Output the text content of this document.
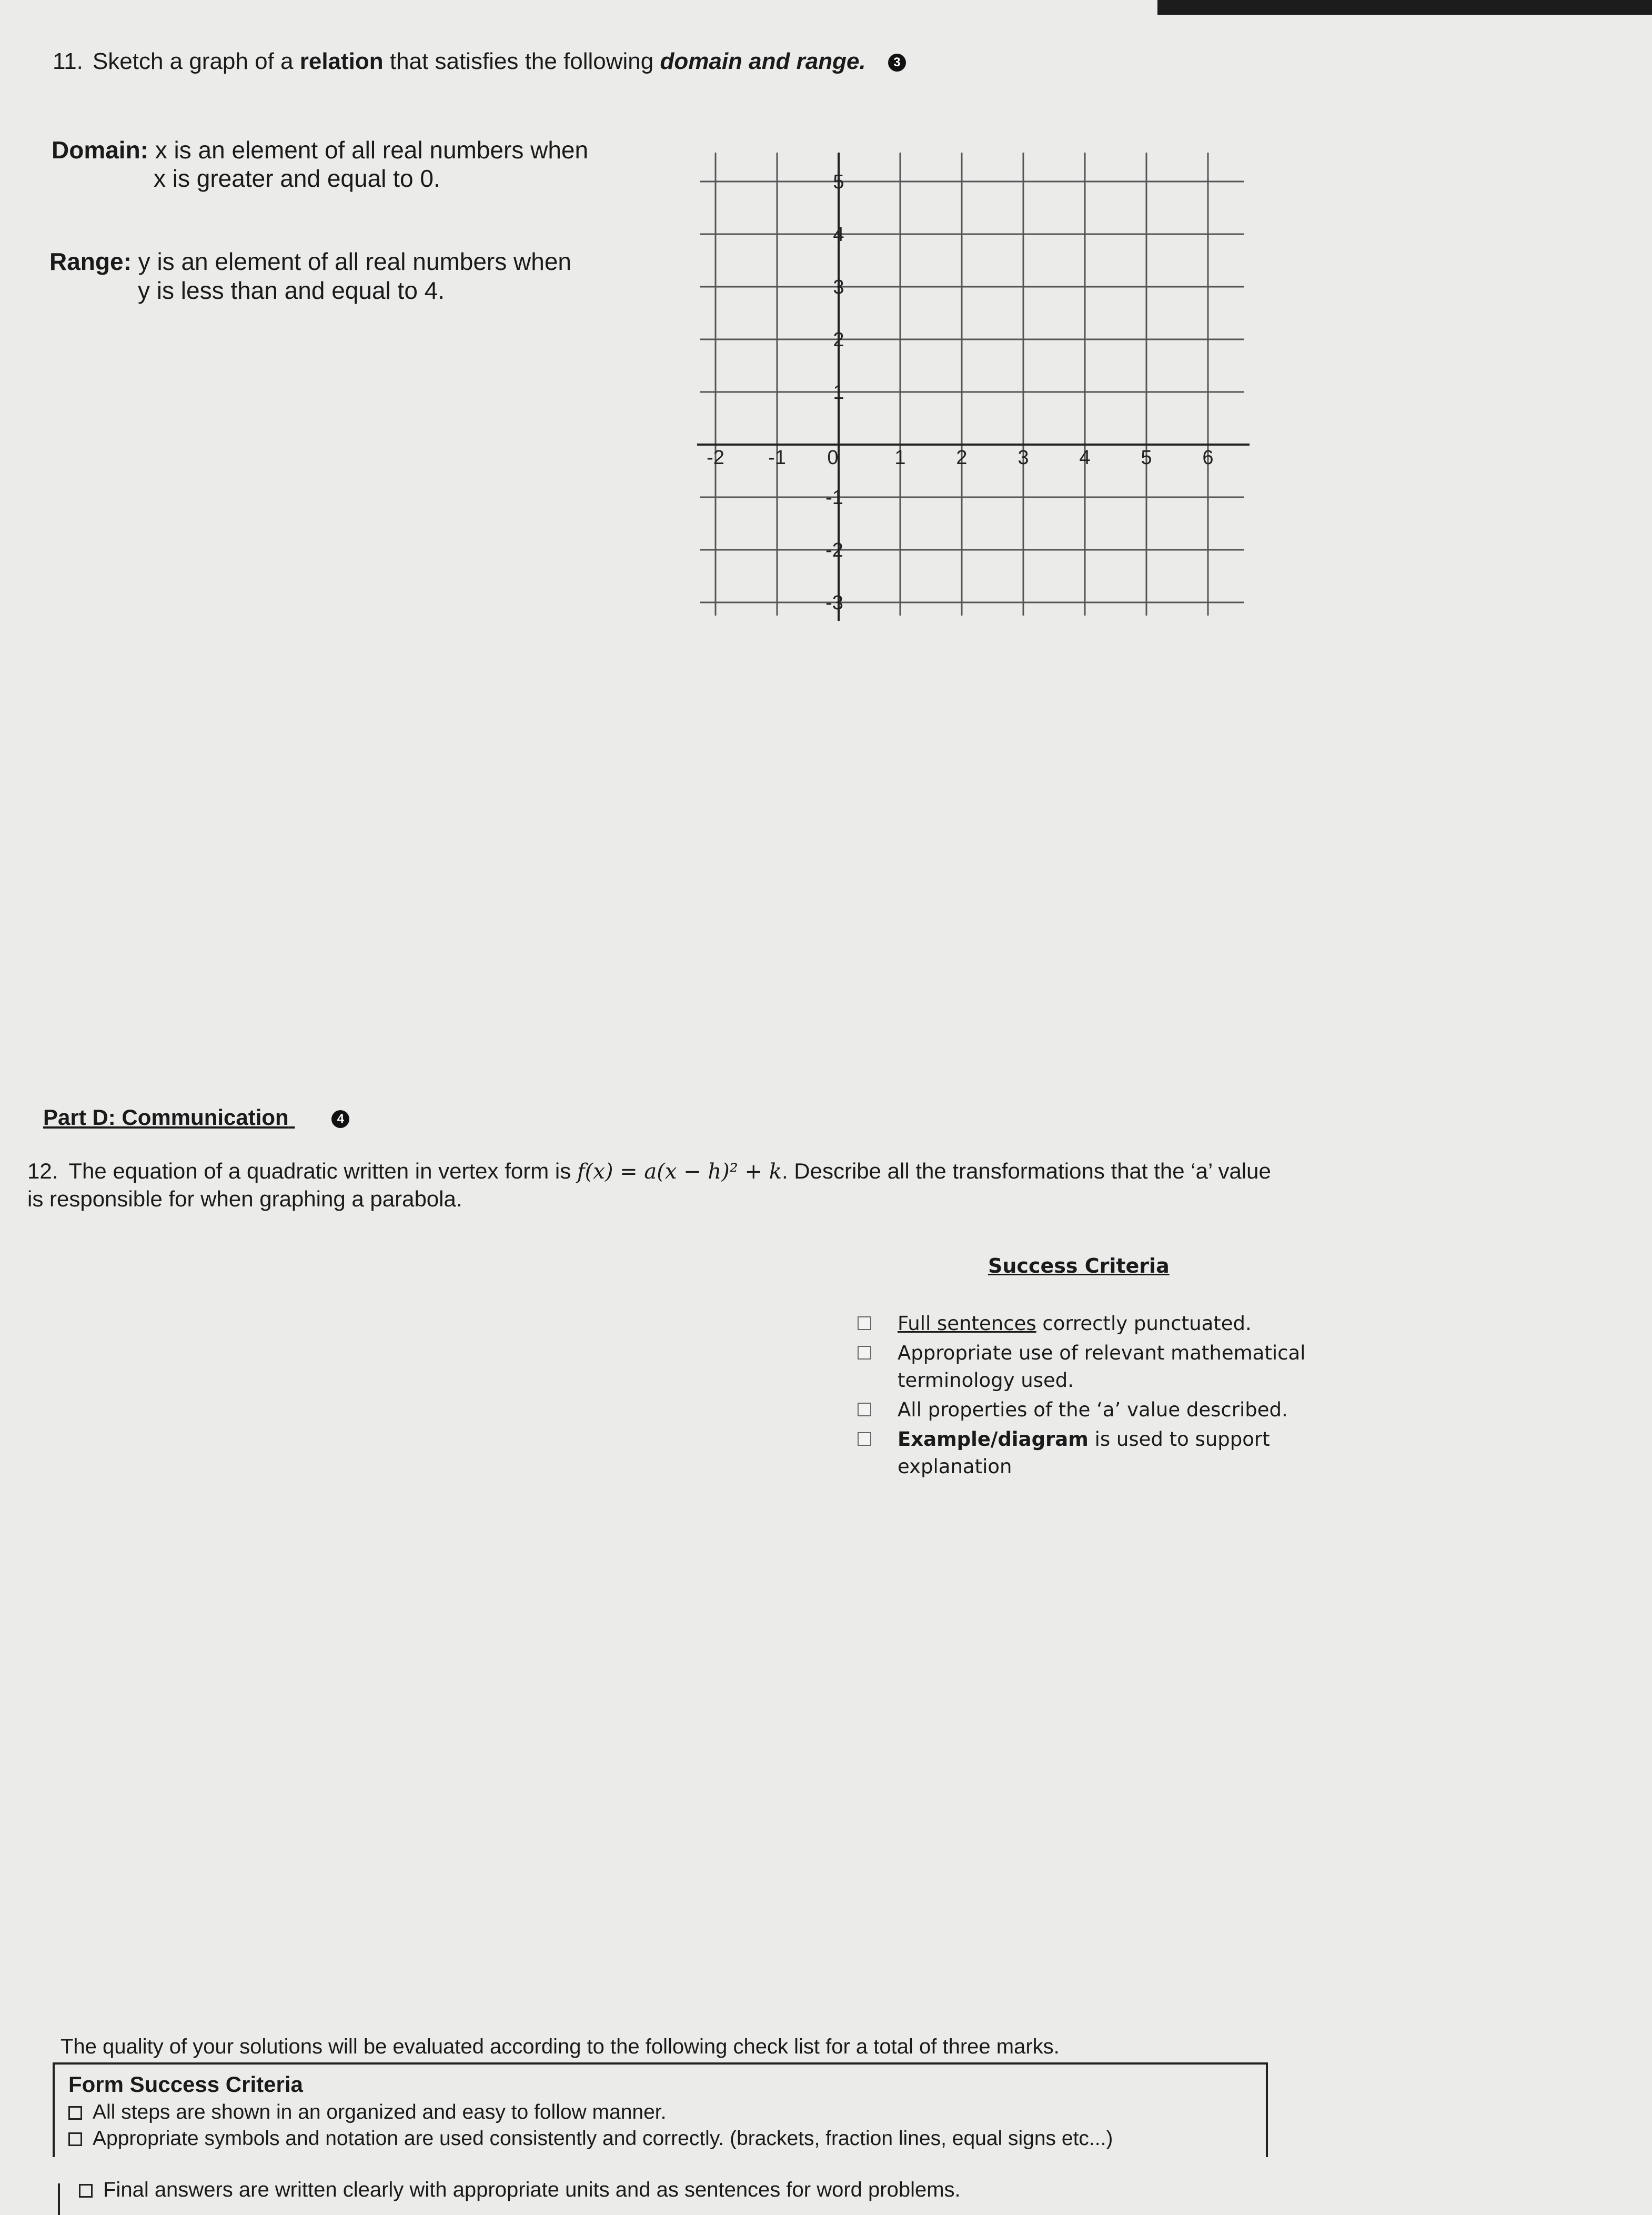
11. Sketch a graph of a relation that satisfies the following domain and range. 3
Domain: x is an element of all real numbers when
x is greater and equal to 0.
Range: y is an element of all real numbers when
y is less than and equal to 4.
-2 -1 0	1	2	3	4	5	6
5
4
3
2
1
-1
-2
-3
Part D: Communication	4
12. The equation of a quadratic written in vertex form is f(x) = a(x − h)² + k. Describe all the transformations that the ‘a’ value is responsible for when graphing a parabola.
Success Criteria
Full sentences correctly punctuated.
Appropriate use of relevant mathematical terminology used.
All properties of the ‘a’ value described.
Example/diagram is used to support explanation
The quality of your solutions will be evaluated according to the following check list for a total of three marks.
Form Success Criteria
All steps are shown in an organized and easy to follow manner.
Appropriate symbols and notation are used consistently and correctly. (brackets, fraction lines, equal signs etc...)
Final answers are written clearly with appropriate units and as sentences for word problems.
